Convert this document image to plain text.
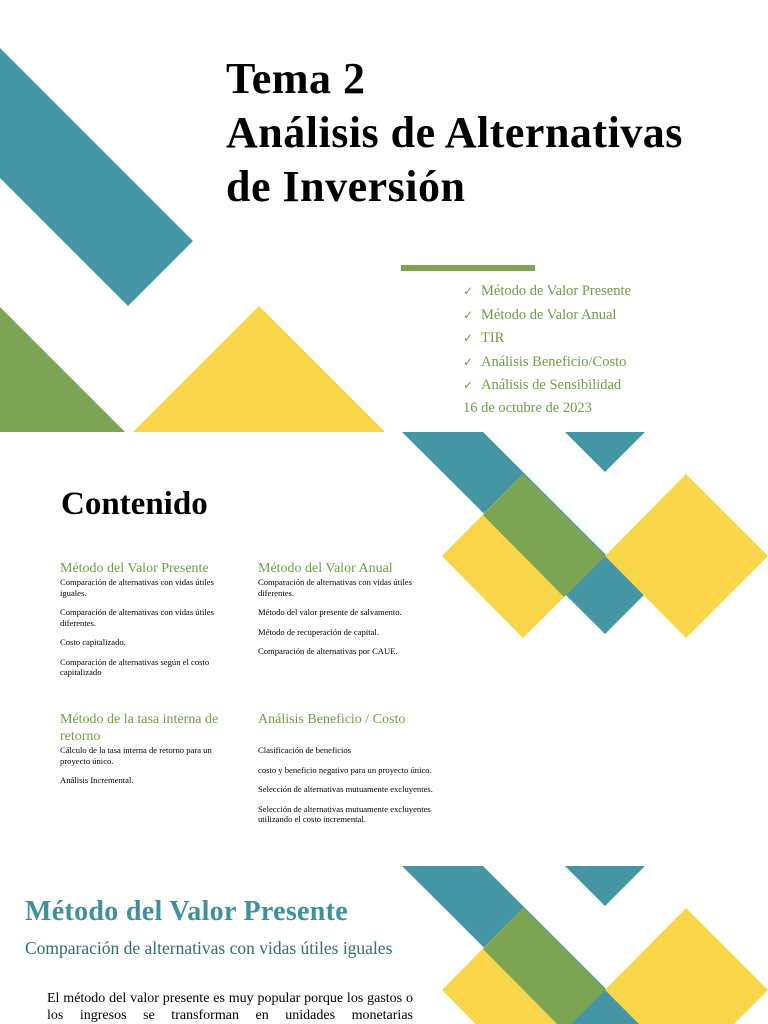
Tema 2
Análisis de Alternativas
de Inversión
✓ Método de Valor Presente
✓ Método de Valor Anual
✓ TIR
✓ Análisis Beneficio/Costo
✓ Análisis de Sensibilidad
16 de octubre de 2023
Contenido
Método del Valor Presente

Comparación de alternativas con vidas útiles iguales.

Comparación de alternativas con vidas útiles diferentes.

Costo capitalizado.

Comparación de alternativas según el costo capitalizado

Método del Valor Anual

Comparación de alternativas con vidas útiles diferentes.

Método del valor presente de salvamento.

Método de recuperación de capital.

Comparación de alternativas por CAUE.

Método de la tasa interna de retorno

Cálculo de la tasa interna de retorno para un proyecto único.

Análisis Incremental.

Análisis Beneficio / Costo

Clasificación de beneficios

costo y beneficio negativo para un proyecto único.

Selección de alternativas mutuamente excluyentes.

Selección de alternativas mutuamente excluyentes utilizando el costo incremental.

Método del Valor Presente

Comparación de alternativas con vidas útiles iguales

El método del valor presente es muy popular porque los gastos o los ingresos se transforman en unidades monetarias
